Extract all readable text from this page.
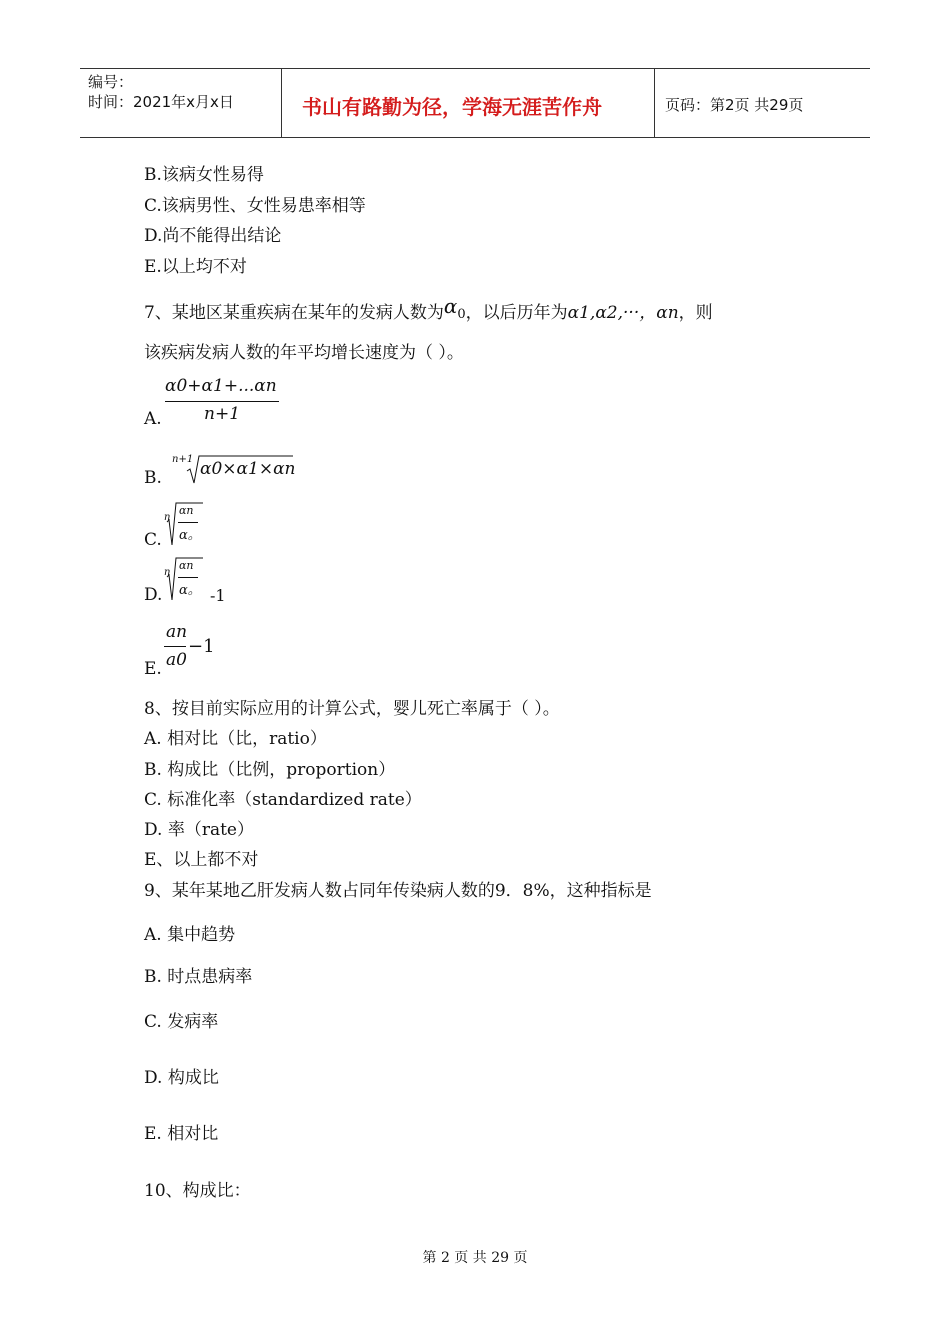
编号：
时间：2021年x月x日	书山有路勤为径，学海无涯苦作舟	页码：第2页 共29页
B.该病女性易得
C.该病男性、女性易患率相等
D.尚不能得出结论
E.以上均不对
7、某地区某重疾病在某年的发病人数为α0，以后历年为α1,α2,···，αn，则
该疾病发病人数的年平均增长速度为（ ）。
A.
α0+α1+...αn
n+1
B.
n+1 α0×α1×αn
C.
n
αn
α。
D.
n
αn
α。 -1
E.
an
a0
−1
8、按目前实际应用的计算公式，婴儿死亡率属于（ ）。
A. 相对比（比，ratio）
B. 构成比（比例，proportion）
C. 标准化率（standardized rate）
D. 率（rate）
E、以上都不对
9、某年某地乙肝发病人数占同年传染病人数的9．8%，这种指标是
A. 集中趋势
B. 时点患病率
C. 发病率
D. 构成比
E. 相对比
10、构成比：
第 2 页 共 29 页
